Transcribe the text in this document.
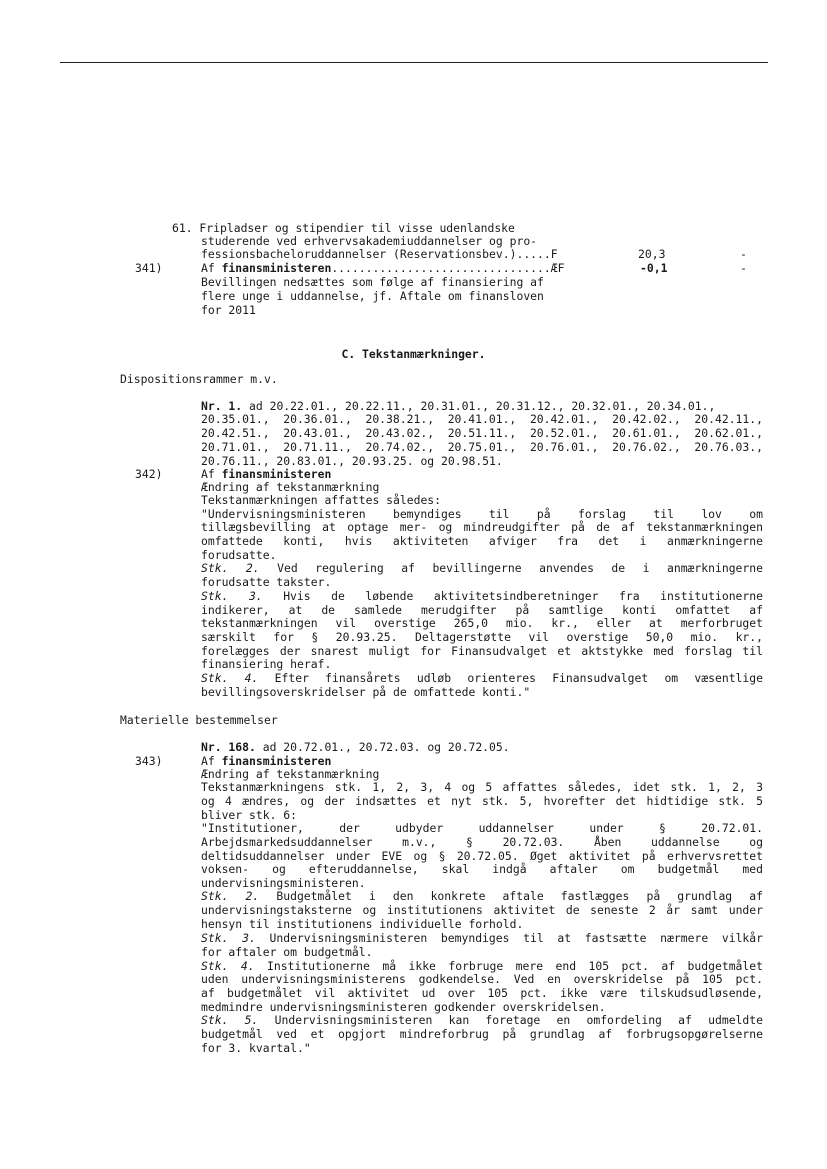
61. Fripladser og stipendier til visse udenlandske
studerende ved erhvervsakademiuddannelser og pro-
fessionsbacheloruddannelser (Reservationsbev.).....F	20,3	-
341)	Af finansministeren................................ÆF	-0,1	-
Bevillingen nedsættes som følge af finansiering af
flere unge i uddannelse, jf. Aftale om finansloven
for 2011
C. Tekstanmærkninger.
Dispositionsrammer m.v.
Nr. 1. ad 20.22.01., 20.22.11., 20.31.01., 20.31.12., 20.32.01., 20.34.01.,
20.35.01., 20.36.01., 20.38.21., 20.41.01., 20.42.01., 20.42.02., 20.42.11.,
20.42.51., 20.43.01., 20.43.02., 20.51.11., 20.52.01., 20.61.01., 20.62.01.,
20.71.01., 20.71.11., 20.74.02., 20.75.01., 20.76.01., 20.76.02., 20.76.03.,
20.76.11., 20.83.01., 20.93.25. og 20.98.51.
342)	Af finansministeren
Ændring af tekstanmærkning
Tekstanmærkningen affattes således:
"Undervisningsministeren bemyndiges til på forslag til lov om
tillægsbevilling at optage mer- og mindreudgifter på de af tekstanmærkningen
omfattede konti, hvis aktiviteten afviger fra det i anmærkningerne
forudsatte.
Stk. 2. Ved regulering af bevillingerne anvendes de i anmærkningerne
forudsatte takster.
Stk. 3. Hvis de løbende aktivitetsindberetninger fra institutionerne
indikerer, at de samlede merudgifter på samtlige konti omfattet af
tekstanmærkningen vil overstige 265,0 mio. kr., eller at merforbruget
særskilt for § 20.93.25. Deltagerstøtte vil overstige 50,0 mio. kr.,
forelægges der snarest muligt for Finansudvalget et aktstykke med forslag til
finansiering heraf.
Stk. 4. Efter finansårets udløb orienteres Finansudvalget om væsentlige
bevillingsoverskridelser på de omfattede konti."
Materielle bestemmelser
Nr. 168. ad 20.72.01., 20.72.03. og 20.72.05.
343)	Af finansministeren
Ændring af tekstanmærkning
Tekstanmærkningens stk. 1, 2, 3, 4 og 5 affattes således, idet stk. 1, 2, 3
og 4 ændres, og der indsættes et nyt stk. 5, hvorefter det hidtidige stk. 5
bliver stk. 6:
"Institutioner, der udbyder uddannelser under § 20.72.01.
Arbejdsmarkedsuddannelser m.v., § 20.72.03. Åben uddannelse og
deltidsuddannelser under EVE og § 20.72.05. Øget aktivitet på erhvervsrettet
voksen- og efteruddannelse, skal indgå aftaler om budgetmål med
undervisningsministeren.
Stk. 2. Budgetmålet i den konkrete aftale fastlægges på grundlag af
undervisningstaksterne og institutionens aktivitet de seneste 2 år samt under
hensyn til institutionens individuelle forhold.
Stk. 3. Undervisningsministeren bemyndiges til at fastsætte nærmere vilkår
for aftaler om budgetmål.
Stk. 4. Institutionerne må ikke forbruge mere end 105 pct. af budgetmålet
uden undervisningsministerens godkendelse. Ved en overskridelse på 105 pct.
af budgetmålet vil aktivitet ud over 105 pct. ikke være tilskudsudløsende,
medmindre undervisningsministeren godkender overskridelsen.
Stk. 5. Undervisningsministeren kan foretage en omfordeling af udmeldte
budgetmål ved et opgjort mindreforbrug på grundlag af forbrugsopgørelserne
for 3. kvartal."
